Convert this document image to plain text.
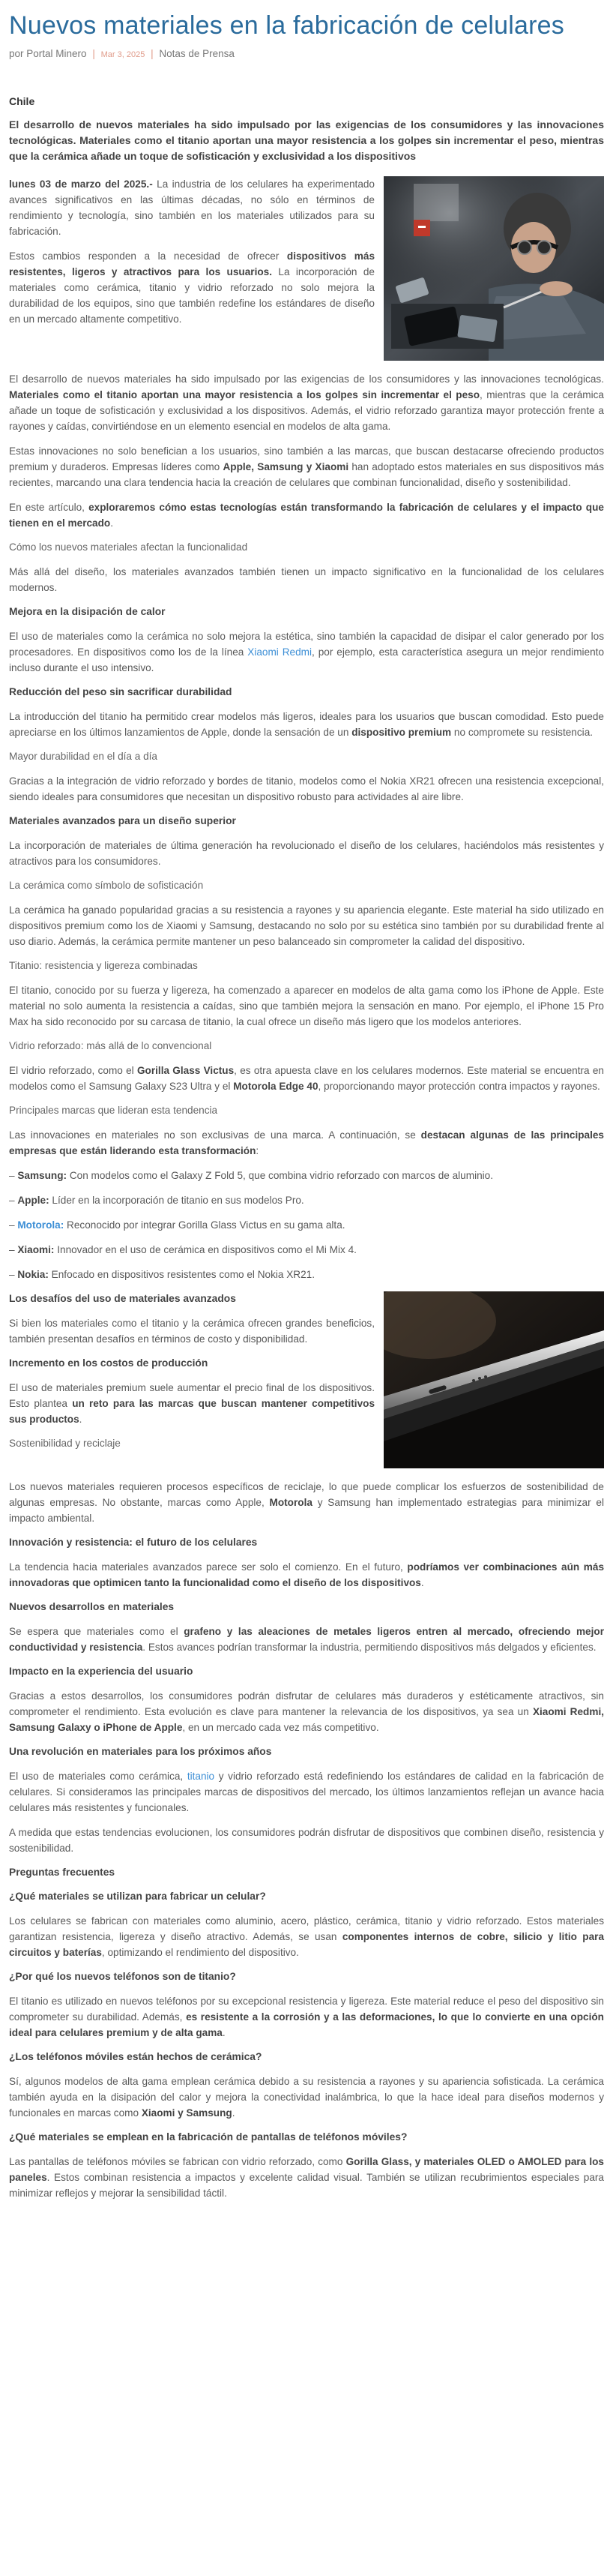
Nuevos materiales en la fabricación de celulares
por Portal Minero | Mar 3, 2025 | Notas de Prensa

Chile

El desarrollo de nuevos materiales ha sido impulsado por las exigencias de los consumidores y las innovaciones tecnológicas. Materiales como el titanio aportan una mayor resistencia a los golpes sin incrementar el peso, mientras que la cerámica añade un toque de sofisticación y exclusividad a los dispositivos

lunes 03 de marzo del 2025.- La industria de los celulares ha experimentado avances significativos en las últimas décadas, no sólo en términos de rendimiento y tecnología, sino también en los materiales utilizados para su fabricación.

Estos cambios responden a la necesidad de ofrecer dispositivos más resistentes, ligeros y atractivos para los usuarios. La incorporación de materiales como cerámica, titanio y vidrio reforzado no solo mejora la durabilidad de los equipos, sino que también redefine los estándares de diseño en un mercado altamente competitivo.

El desarrollo de nuevos materiales ha sido impulsado por las exigencias de los consumidores y las innovaciones tecnológicas. Materiales como el titanio aportan una mayor resistencia a los golpes sin incrementar el peso, mientras que la cerámica añade un toque de sofisticación y exclusividad a los dispositivos. Además, el vidrio reforzado garantiza mayor protección frente a rayones y caídas, convirtiéndose en un elemento esencial en modelos de alta gama.

Estas innovaciones no solo benefician a los usuarios, sino también a las marcas, que buscan destacarse ofreciendo productos premium y duraderos. Empresas líderes como Apple, Samsung y Xiaomi han adoptado estos materiales en sus dispositivos más recientes, marcando una clara tendencia hacia la creación de celulares que combinan funcionalidad, diseño y sostenibilidad.

En este artículo, exploraremos cómo estas tecnologías están transformando la fabricación de celulares y el impacto que tienen en el mercado.

Cómo los nuevos materiales afectan la funcionalidad

Más allá del diseño, los materiales avanzados también tienen un impacto significativo en la funcionalidad de los celulares modernos.

Mejora en la disipación de calor

El uso de materiales como la cerámica no solo mejora la estética, sino también la capacidad de disipar el calor generado por los procesadores. En dispositivos como los de la línea Xiaomi Redmi, por ejemplo, esta característica asegura un mejor rendimiento incluso durante el uso intensivo.

Reducción del peso sin sacrificar durabilidad

La introducción del titanio ha permitido crear modelos más ligeros, ideales para los usuarios que buscan comodidad. Esto puede apreciarse en los últimos lanzamientos de Apple, donde la sensación de un dispositivo premium no compromete su resistencia.

Mayor durabilidad en el día a día

Gracias a la integración de vidrio reforzado y bordes de titanio, modelos como el Nokia XR21 ofrecen una resistencia excepcional, siendo ideales para consumidores que necesitan un dispositivo robusto para actividades al aire libre.

Materiales avanzados para un diseño superior

La incorporación de materiales de última generación ha revolucionado el diseño de los celulares, haciéndolos más resistentes y atractivos para los consumidores.

La cerámica como símbolo de sofisticación

La cerámica ha ganado popularidad gracias a su resistencia a rayones y su apariencia elegante. Este material ha sido utilizado en dispositivos premium como los de Xiaomi y Samsung, destacando no solo por su estética sino también por su durabilidad frente al uso diario. Además, la cerámica permite mantener un peso balanceado sin comprometer la calidad del dispositivo.

Titanio: resistencia y ligereza combinadas

El titanio, conocido por su fuerza y ligereza, ha comenzado a aparecer en modelos de alta gama como los iPhone de Apple. Este material no solo aumenta la resistencia a caídas, sino que también mejora la sensación en mano. Por ejemplo, el iPhone 15 Pro Max ha sido reconocido por su carcasa de titanio, la cual ofrece un diseño más ligero que los modelos anteriores.

Vidrio reforzado: más allá de lo convencional

El vidrio reforzado, como el Gorilla Glass Victus, es otra apuesta clave en los celulares modernos. Este material se encuentra en modelos como el Samsung Galaxy S23 Ultra y el Motorola Edge 40, proporcionando mayor protección contra impactos y rayones.

Principales marcas que lideran esta tendencia

Las innovaciones en materiales no son exclusivas de una marca. A continuación, se destacan algunas de las principales empresas que están liderando esta transformación:

– Samsung: Con modelos como el Galaxy Z Fold 5, que combina vidrio reforzado con marcos de aluminio.

– Apple: Líder en la incorporación de titanio en sus modelos Pro.

– Motorola: Reconocido por integrar Gorilla Glass Victus en su gama alta.

– Xiaomi: Innovador en el uso de cerámica en dispositivos como el Mi Mix 4.

– Nokia: Enfocado en dispositivos resistentes como el Nokia XR21.

Los desafíos del uso de materiales avanzados

Si bien los materiales como el titanio y la cerámica ofrecen grandes beneficios, también presentan desafíos en términos de costo y disponibilidad.

Incremento en los costos de producción

El uso de materiales premium suele aumentar el precio final de los dispositivos. Esto plantea un reto para las marcas que buscan mantener competitivos sus productos.

Sostenibilidad y reciclaje

Los nuevos materiales requieren procesos específicos de reciclaje, lo que puede complicar los esfuerzos de sostenibilidad de algunas empresas. No obstante, marcas como Apple, Motorola y Samsung han implementado estrategias para minimizar el impacto ambiental.

Innovación y resistencia: el futuro de los celulares

La tendencia hacia materiales avanzados parece ser solo el comienzo. En el futuro, podríamos ver combinaciones aún más innovadoras que optimicen tanto la funcionalidad como el diseño de los dispositivos.

Nuevos desarrollos en materiales

Se espera que materiales como el grafeno y las aleaciones de metales ligeros entren al mercado, ofreciendo mejor conductividad y resistencia. Estos avances podrían transformar la industria, permitiendo dispositivos más delgados y eficientes.

Impacto en la experiencia del usuario

Gracias a estos desarrollos, los consumidores podrán disfrutar de celulares más duraderos y estéticamente atractivos, sin comprometer el rendimiento. Esta evolución es clave para mantener la relevancia de los dispositivos, ya sea un Xiaomi Redmi, Samsung Galaxy o iPhone de Apple, en un mercado cada vez más competitivo.

Una revolución en materiales para los próximos años

El uso de materiales como cerámica, titanio y vidrio reforzado está redefiniendo los estándares de calidad en la fabricación de celulares. Si consideramos las principales marcas de dispositivos del mercado, los últimos lanzamientos reflejan un avance hacia celulares más resistentes y funcionales.

A medida que estas tendencias evolucionen, los consumidores podrán disfrutar de dispositivos que combinen diseño, resistencia y sostenibilidad.

Preguntas frecuentes
¿Qué materiales se utilizan para fabricar un celular?

Los celulares se fabrican con materiales como aluminio, acero, plástico, cerámica, titanio y vidrio reforzado. Estos materiales garantizan resistencia, ligereza y diseño atractivo. Además, se usan componentes internos de cobre, silicio y litio para circuitos y baterías, optimizando el rendimiento del dispositivo.

¿Por qué los nuevos teléfonos son de titanio?

El titanio es utilizado en nuevos teléfonos por su excepcional resistencia y ligereza. Este material reduce el peso del dispositivo sin comprometer su durabilidad. Además, es resistente a la corrosión y a las deformaciones, lo que lo convierte en una opción ideal para celulares premium y de alta gama.

¿Los teléfonos móviles están hechos de cerámica?

Sí, algunos modelos de alta gama emplean cerámica debido a su resistencia a rayones y su apariencia sofisticada. La cerámica también ayuda en la disipación del calor y mejora la conectividad inalámbrica, lo que la hace ideal para diseños modernos y funcionales en marcas como Xiaomi y Samsung.

¿Qué materiales se emplean en la fabricación de pantallas de teléfonos móviles?

Las pantallas de teléfonos móviles se fabrican con vidrio reforzado, como Gorilla Glass, y materiales OLED o AMOLED para los paneles. Estos combinan resistencia a impactos y excelente calidad visual. También se utilizan recubrimientos especiales para minimizar reflejos y mejorar la sensibilidad táctil.
